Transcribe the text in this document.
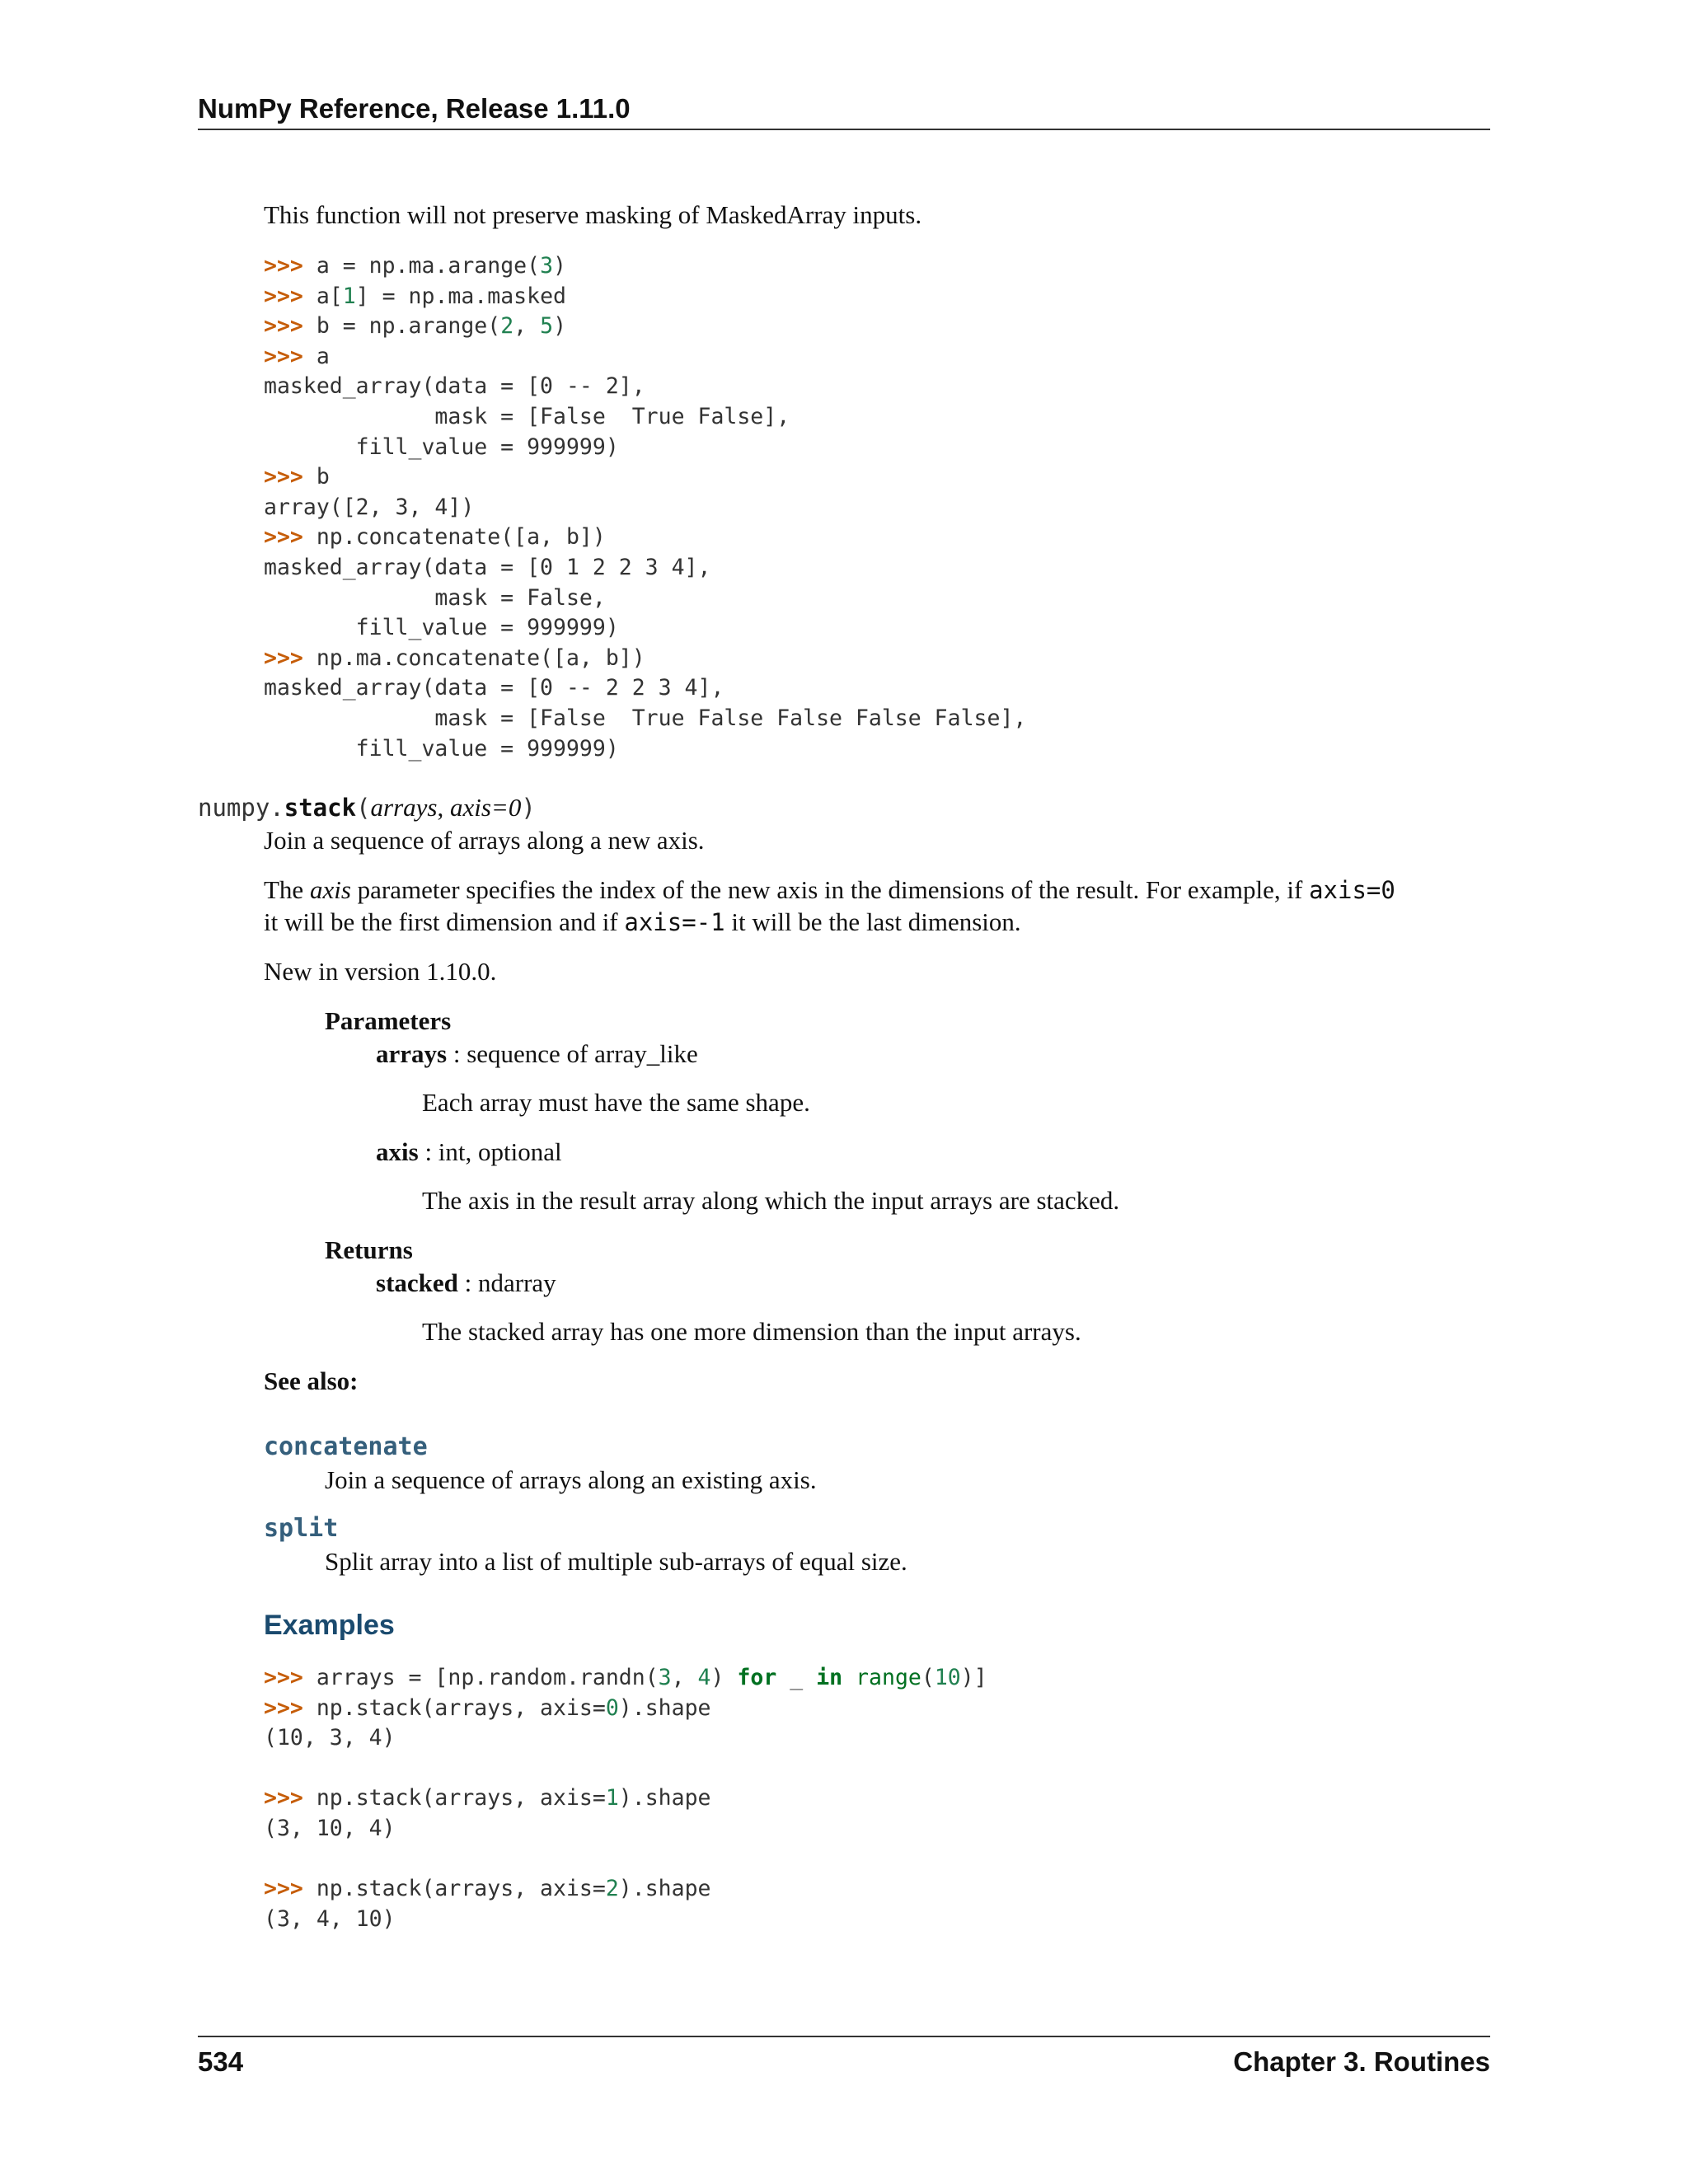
NumPy Reference, Release 1.11.0

This function will not preserve masking of MaskedArray inputs.

>>> a = np.ma.arange(3)
>>> a[1] = np.ma.masked
>>> b = np.arange(2, 5)
>>> a
masked_array(data = [0 -- 2],
mask = [False  True False],
fill_value = 999999)
>>> b
array([2, 3, 4])
>>> np.concatenate([a, b])
masked_array(data = [0 1 2 2 3 4],
mask = False,
fill_value = 999999)
>>> np.ma.concatenate([a, b])
masked_array(data = [0 -- 2 2 3 4],
mask = [False  True False False False False],
fill_value = 999999)

numpy.stack(arrays, axis=0)

Join a sequence of arrays along a new axis.

The axis parameter specifies the index of the new axis in the dimensions of the result. For example, if axis=0

it will be the first dimension and if axis=-1 it will be the last dimension.

New in version 1.10.0.

Parameters

arrays : sequence of array_like

Each array must have the same shape.

axis : int, optional

The axis in the result array along which the input arrays are stacked.

Returns

stacked : ndarray

The stacked array has one more dimension than the input arrays.

See also:

concatenate

Join a sequence of arrays along an existing axis.

split

Split array into a list of multiple sub-arrays of equal size.

Examples

>>> arrays = [np.random.randn(3, 4) for _ in range(10)]
>>> np.stack(arrays, axis=0).shape
(10, 3, 4)

>>> np.stack(arrays, axis=1).shape
(3, 10, 4)

>>> np.stack(arrays, axis=2).shape
(3, 4, 10)
534	Chapter 3. Routines
